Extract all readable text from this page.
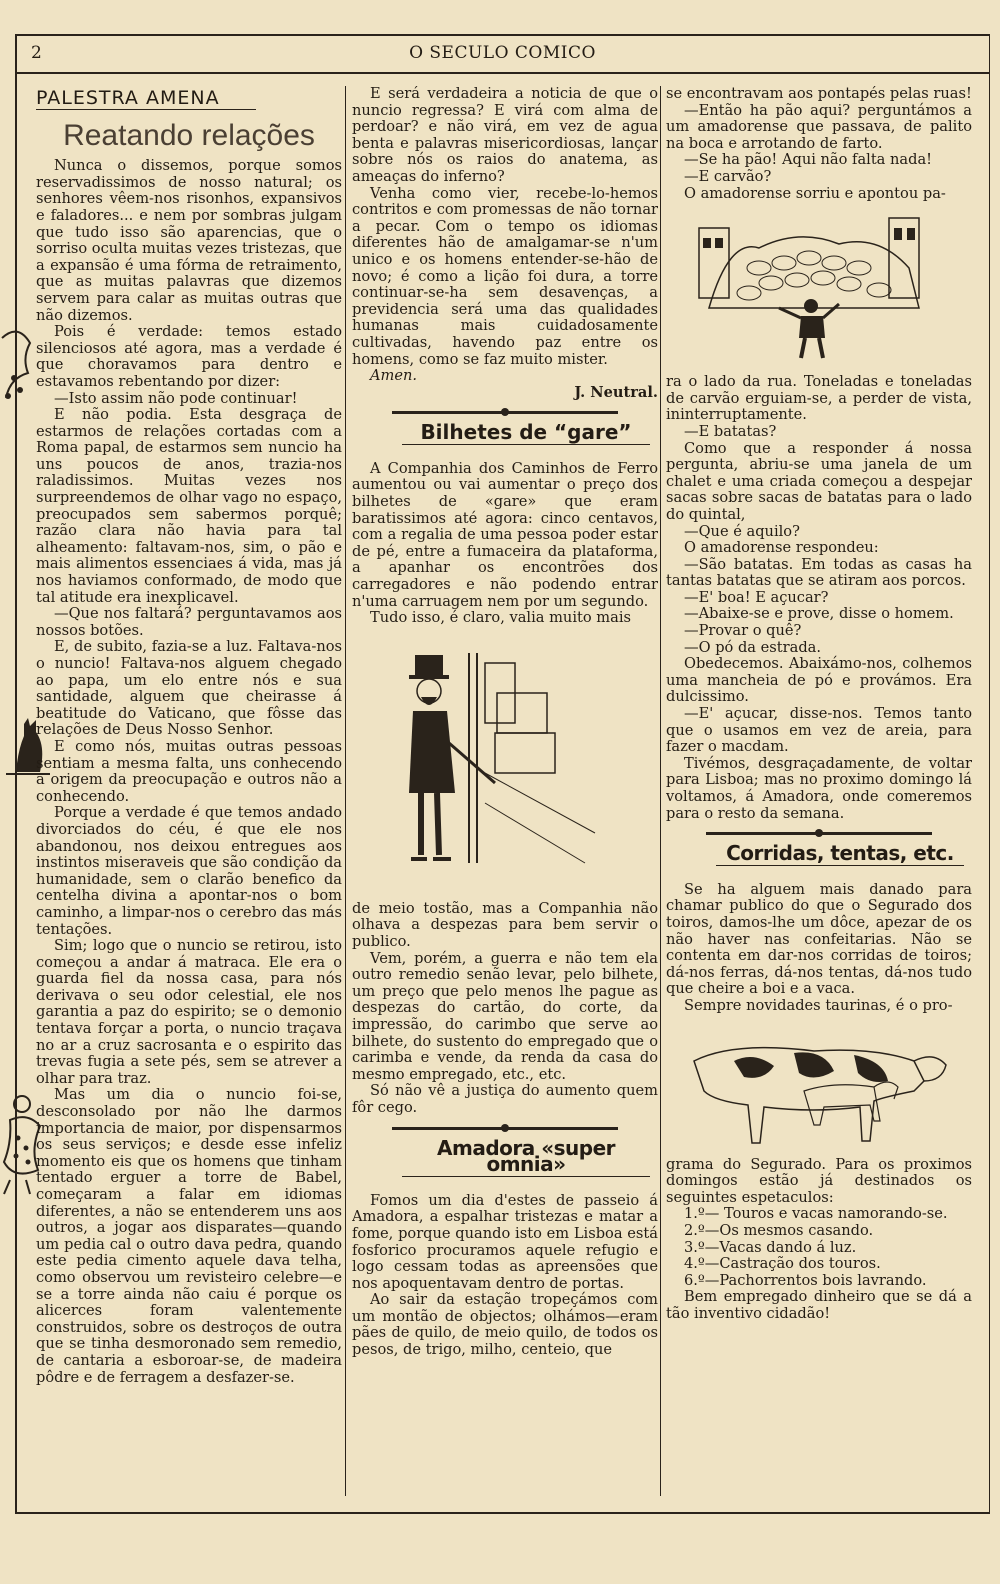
2	O SECULO COMICO
PALESTRA AMENA
Reatando relações

Nunca o dissemos, porque somos reservadissimos de nosso natural; os senhores vêem-nos risonhos, expansivos e faladores... e nem por sombras julgam que tudo isso são aparencias, que o sorriso oculta muitas vezes tristezas, que a expansão é uma fórma de retraimento, que as muitas palavras que dizemos servem para calar as muitas outras que não dizemos.

Pois é verdade: temos estado silenciosos até agora, mas a verdade é que choravamos para dentro e estavamos rebentando por dizer:

—Isto assim não pode continuar!

E não podia. Esta desgraça de estarmos de relações cortadas com a Roma papal, de estarmos sem nuncio ha uns poucos de anos, trazia-nos raladissimos. Muitas vezes nos surpreendemos de olhar vago no espaço, preocupados sem sabermos porquê; razão clara não havia para tal alheamento: faltavam-nos, sim, o pão e mais alimentos essenciaes á vida, mas já nos haviamos conformado, de modo que tal atitude era inexplicavel.

—Que nos faltará? perguntavamos aos nossos botões.

E, de subito, fazia-se a luz. Faltava-nos o nuncio! Faltava-nos alguem chegado ao papa, um elo entre nós e sua santidade, alguem que cheirasse á beatitude do Vaticano, que fôsse das relações de Deus Nosso Senhor.

E como nós, muitas outras pessoas sentiam a mesma falta, uns conhecendo a origem da preocupação e outros não a conhecendo.

Porque a verdade é que temos andado divorciados do céu, é que ele nos abandonou, nos deixou entregues aos instintos miseraveis que são condição da humanidade, sem o clarão benefico da centelha divina a apontar-nos o bom caminho, a limpar-nos o cerebro das más tentações.

Sim; logo que o nuncio se retirou, isto começou a andar á matraca. Ele era o guarda fiel da nossa casa, para nós derivava o seu odor celestial, ele nos garantia a paz do espirito; se o demonio tentava forçar a porta, o nuncio traçava no ar a cruz sacrosanta e o espirito das trevas fugia a sete pés, sem se atrever a olhar para traz.

Mas um dia o nuncio foi-se, desconsolado por não lhe darmos importancia de maior, por dispensarmos os seus serviços; e desde esse infeliz momento eis que os homens que tinham tentado erguer a torre de Babel, começaram a falar em idiomas diferentes, a não se entenderem uns aos outros, a jogar aos disparates—quando um pedia cal o outro dava pedra, quando este pedia cimento aquele dava telha, como observou um revisteiro celebre—e se a torre ainda não caiu é porque os alicerces foram valentemente construidos, sobre os destroços de outra que se tinha desmoronado sem remedio, de cantaria a esboroar-se, de madeira pôdre e de ferragem a desfazer-se.

E será verdadeira a noticia de que o nuncio regressa? E virá com alma de perdoar? e não virá, em vez de agua benta e palavras misericordiosas, lançar sobre nós os raios do anatema, as ameaças do inferno?

Venha como vier, recebe-lo-hemos contritos e com promessas de não tornar a pecar. Com o tempo os idiomas diferentes hão de amalgamar-se n'um unico e os homens entender-se-hão de novo; é como a lição foi dura, a torre continuar-se-ha sem desavenças, a previdencia será uma das qualidades humanas mais cuidadosamente cultivadas, havendo paz entre os homens, como se faz muito mister.

Amen.

J. Neutral.

Bilhetes de “gare”

A Companhia dos Caminhos de Ferro aumentou ou vai aumentar o preço dos bilhetes de «gare» que eram baratissimos até agora: cinco centavos, com a regalia de uma pessoa poder estar de pé, entre a fumaceira da plataforma, a apanhar os encontrões dos carregadores e não podendo entrar n'uma carruagem nem por um segundo.

Tudo isso, é claro, valia muito mais

de meio tostão, mas a Companhia não olhava a despezas para bem servir o publico.

Vem, porém, a guerra e não tem ela outro remedio senão levar, pelo bilhete, um preço que pelo menos lhe pague as despezas do cartão, do corte, da impressão, do carimbo que serve ao bilhete, do sustento do empregado que o carimba e vende, da renda da casa do mesmo empregado, etc., etc.

Só não vê a justiça do aumento quem fôr cego.

Amadora «super omnia»

Fomos um dia d'estes de passeio á Amadora, a espalhar tristezas e matar a fome, porque quando isto em Lisboa está fosforico procuramos aquele refugio e logo cessam todas as apreensões que nos apoquentavam dentro de portas.

Ao sair da estação tropeçámos com um montão de objectos; olhámos—eram pães de quilo, de meio quilo, de todos os pesos, de trigo, milho, centeio, que

se encontravam aos pontapés pelas ruas!

—Então ha pão aqui? perguntámos a um amadorense que passava, de palito na boca e arrotando de farto.

—Se ha pão! Aqui não falta nada!

—E carvão?

O amadorense sorriu e apontou pa-

ra o lado da rua. Toneladas e toneladas de carvão erguiam-se, a perder de vista, ininterruptamente.

—E batatas?

Como que a responder á nossa pergunta, abriu-se uma janela de um chalet e uma criada começou a despejar sacas sobre sacas de batatas para o lado do quintal,

—Que é aquilo?

O amadorense respondeu:

—São batatas. Em todas as casas ha tantas batatas que se atiram aos porcos.

—E' boa! E açucar?

—Abaixe-se e prove, disse o homem.

—Provar o quê?

—O pó da estrada.

Obedecemos. Abaixámo-nos, colhemos uma mancheia de pó e provámos. Era dulcissimo.

—E' açucar, disse-nos. Temos tanto que o usamos em vez de areia, para fazer o macdam.

Tivémos, desgraçadamente, de voltar para Lisboa; mas no proximo domingo lá voltamos, á Amadora, onde comeremos para o resto da semana.

Corridas, tentas, etc.

Se ha alguem mais danado para chamar publico do que o Segurado dos toiros, damos-lhe um dôce, apezar de os não haver nas confeitarias. Não se contenta em dar-nos corridas de toiros; dá-nos ferras, dá-nos tentas, dá-nos tudo que cheire a boi e a vaca.

Sempre novidades taurinas, é o pro-

grama do Segurado. Para os proximos domingos estão já destinados os seguintes espetaculos:

1.º— Touros e vacas namorando-se.

2.º—Os mesmos casando.

3.º—Vacas dando á luz.

4.º—Castração dos touros.

6.º—Pachorrentos bois lavrando.

Bem empregado dinheiro que se dá a tão inventivo cidadão!
